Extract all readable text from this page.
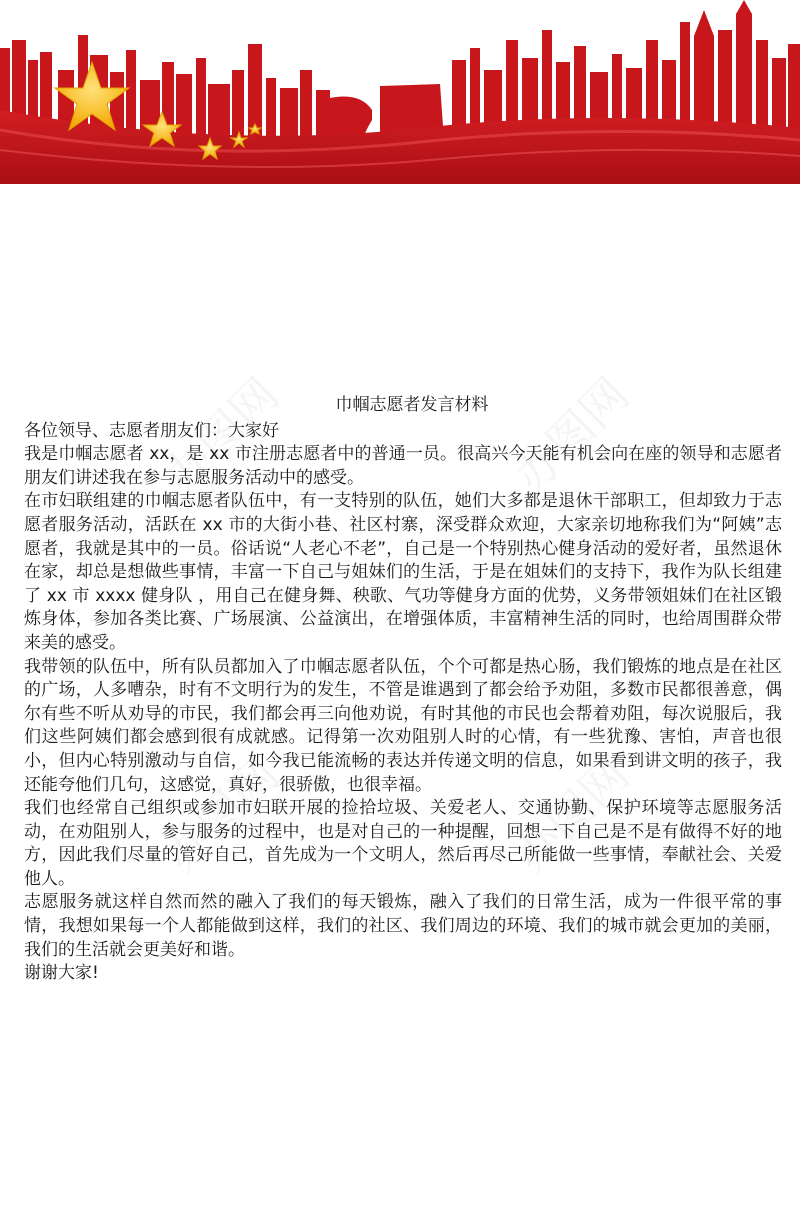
巾帼志愿者发言材料

各位领导、志愿者朋友们：大家好

我是巾帼志愿者 xx，是 xx 市注册志愿者中的普通一员。很高兴今天能有机会向在座的领导和志愿者朋友们讲述我在参与志愿服务活动中的感受。

在市妇联组建的巾帼志愿者队伍中，有一支特别的队伍，她们大多都是退休干部职工，但却致力于志愿者服务活动，活跃在 xx 市的大街小巷、社区村寨，深受群众欢迎，大家亲切地称我们为“阿姨”志愿者，我就是其中的一员。俗话说“人老心不老”，自己是一个特别热心健身活动的爱好者，虽然退休在家，却总是想做些事情，丰富一下自己与姐妹们的生活，于是在姐妹们的支持下，我作为队长组建了 xx 市 xxxx 健身队 ，用自己在健身舞、秧歌、气功等健身方面的优势，义务带领姐妹们在社区锻炼身体，参加各类比赛、广场展演、公益演出，在增强体质，丰富精神生活的同时，也给周围群众带来美的感受。

我带领的队伍中，所有队员都加入了巾帼志愿者队伍，个个可都是热心肠，我们锻炼的地点是在社区的广场，人多嘈杂，时有不文明行为的发生，不管是谁遇到了都会给予劝阻，多数市民都很善意，偶尔有些不听从劝导的市民，我们都会再三向他劝说，有时其他的市民也会帮着劝阻，每次说服后，我们这些阿姨们都会感到很有成就感。记得第一次劝阻别人时的心情，有一些犹豫、害怕，声音也很小，但内心特别激动与自信，如今我已能流畅的表达并传递文明的信息，如果看到讲文明的孩子，我还能夸他们几句，这感觉，真好，很骄傲，也很幸福。

我们也经常自己组织或参加市妇联开展的捡拾垃圾、关爱老人、交通协勤、保护环境等志愿服务活动，在劝阻别人，参与服务的过程中，也是对自己的一种提醒，回想一下自己是不是有做得不好的地方，因此我们尽量的管好自己，首先成为一个文明人，然后再尽己所能做一些事情，奉献社会、关爱他人。

志愿服务就这样自然而然的融入了我们的每天锻炼，融入了我们的日常生活，成为一件很平常的事情，我想如果每一个人都能做到这样，我们的社区、我们周边的环境、我们的城市就会更加的美丽，我们的生活就会更美好和谐。

谢谢大家!
